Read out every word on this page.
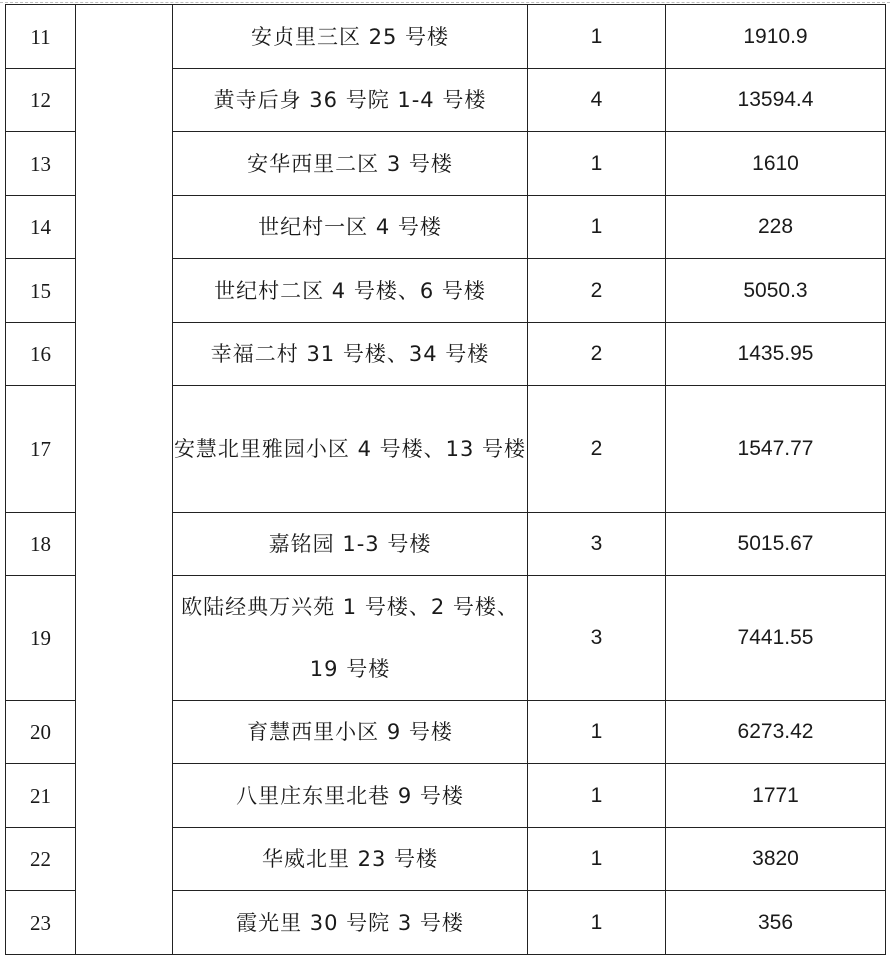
11		安贞里三区 25 号楼	1	1910.9
12		黄寺后身 36 号院 1-4 号楼	4	13594.4
13		安华西里二区 3 号楼	1	1610
14		世纪村一区 4 号楼	1	228
15		世纪村二区 4 号楼、6 号楼	2	5050.3
16		幸福二村 31 号楼、34 号楼	2	1435.95
17		安慧北里雅园小区 4 号楼、13 号楼	2	1547.77
18		嘉铭园 1-3 号楼	3	5015.67
19		欧陆经典万兴苑 1 号楼、2 号楼、19 号楼	3	7441.55
20		育慧西里小区 9 号楼	1	6273.42
21		八里庄东里北巷 9 号楼	1	1771
22		华威北里 23 号楼	1	3820
23		霞光里 30 号院 3 号楼	1	356
